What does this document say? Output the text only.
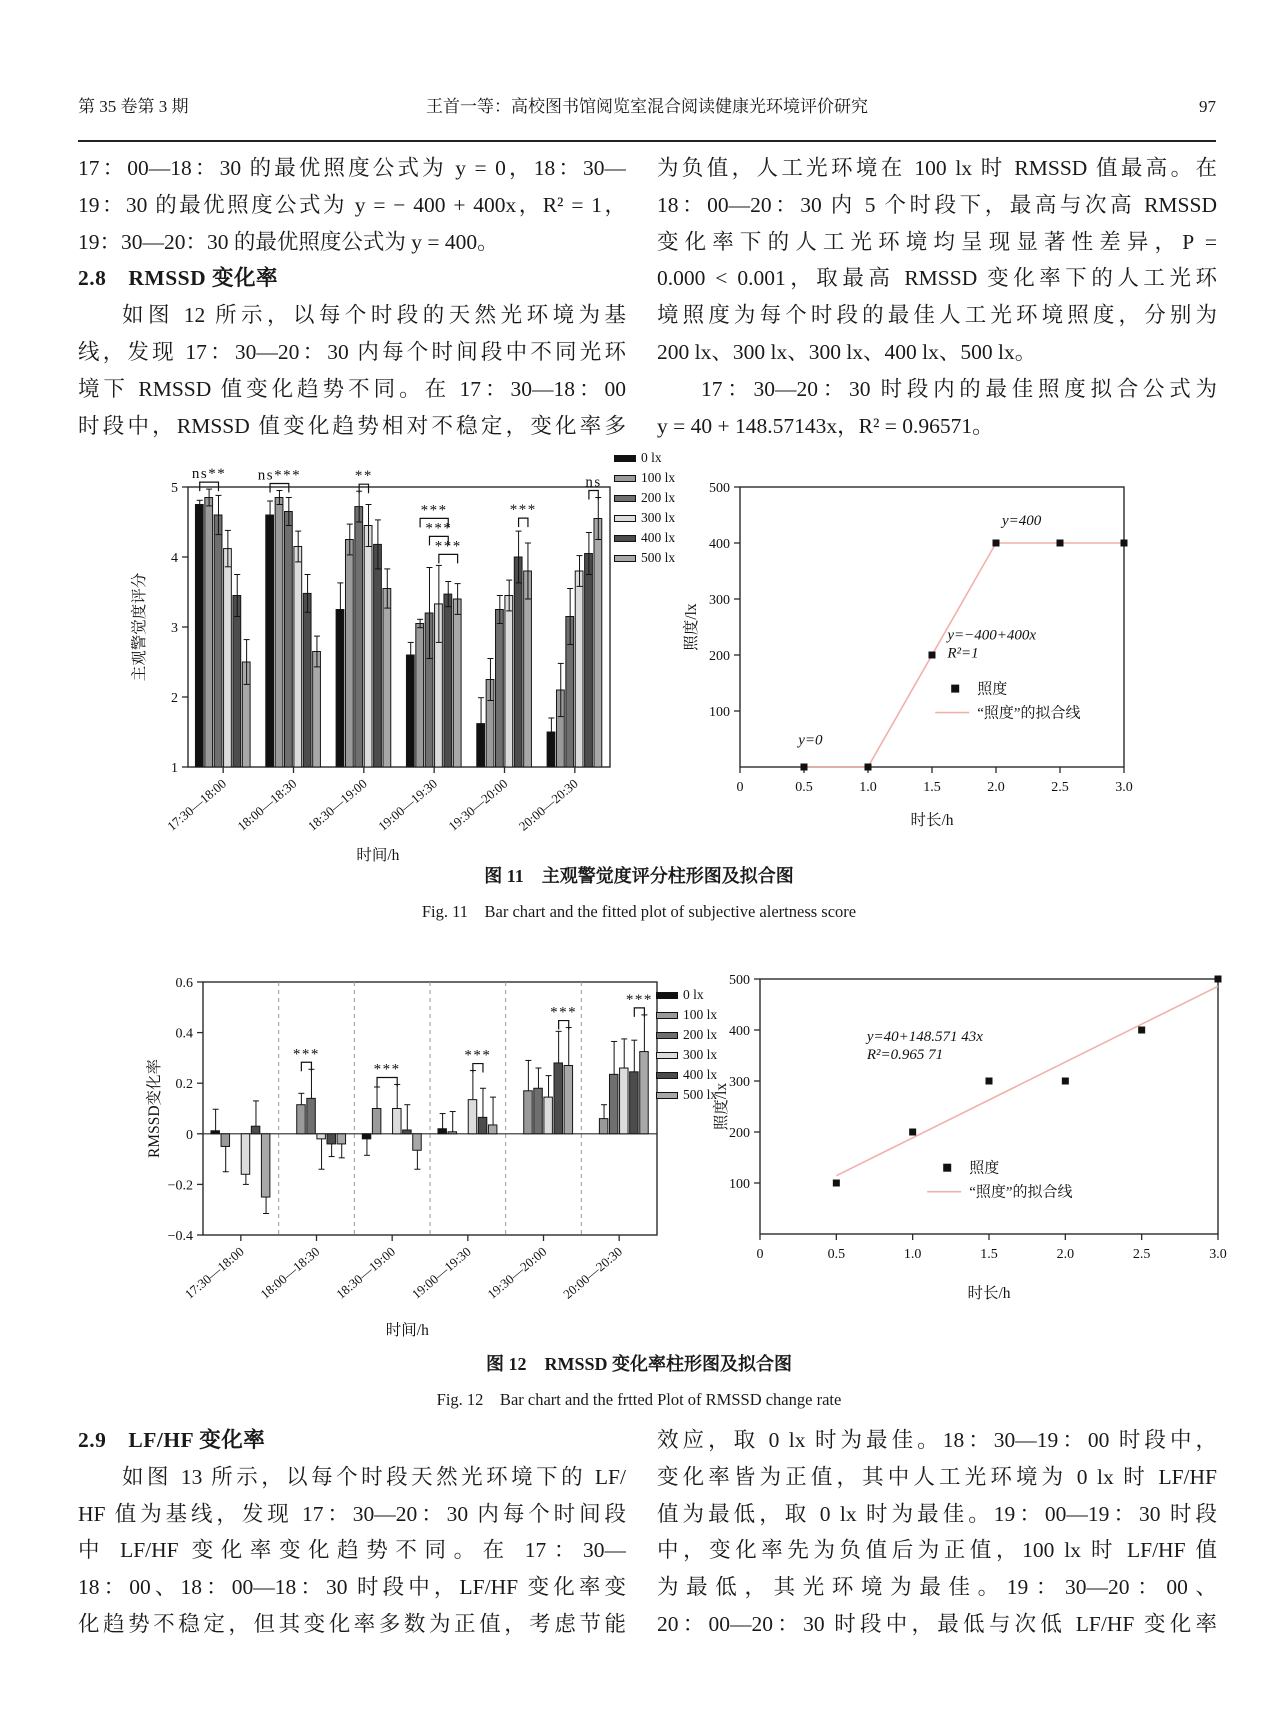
第 35 卷第 3 期	王首一等：高校图书馆阅览室混合阅读健康光环境评价研究	97
17：00—18：30 的最优照度公式为 y = 0，18：30—
19：30 的最优照度公式为 y = − 400 + 400x，R² = 1，
19：30—20：30 的最优照度公式为 y = 400。
2.8　RMSSD 变化率
如图 12 所示，以每个时段的天然光环境为基
线，发现 17：30—20：30 内每个时间段中不同光环
境下 RMSSD 值变化趋势不同。在 17：30—18：00
时段中，RMSSD 值变化趋势相对不稳定，变化率多
为负值，人工光环境在 100 lx 时 RMSSD 值最高。在
18：00—20：30 内 5 个时段下，最高与次高 RMSSD
变化率下的人工光环境均呈现显著性差异，P =
0.000 < 0.001，取最高 RMSSD 变化率下的人工光环
境照度为每个时段的最佳人工光环境照度，分别为
200 lx、300 lx、300 lx、400 lx、500 lx。
17：30—20：30 时段内的最佳照度拟合公式为
y = 40 + 148.57143x，R² = 0.96571。
1
2
3
4
5
主观警觉度评分
17:30—18:00 18:00—18:30 18:30—19:00 19:00—19:30 19:30—20:00 20:00—20:30
时间/h
ns** ns***	**
***
***
***
***
ns
0 lx
100 lx
200 lx
300 lx
400 lx
500 lx
100
200
300
400
500
0	0.5	1.0	1.5	2.0	2.5	3.0
照度/lx
时长/h
y=0
y=−400+400x
R²=1
y=400
照度
“照度”的拟合线
图 11　主观警觉度评分柱形图及拟合图
Fig. 11　Bar chart and the fitted plot of subjective alertness score
−0.4
−0.2
0
0.2
0.4
0.6
RMSSD变化率
17:30—18:00 18:00—18:30 18:30—19:00 19:00—19:30 19:30—20:00 20:00—20:30
时间/h
***
***
***
***
*** 0 lx
100 lx
200 lx
300 lx
400 lx
500 lx
100
200
300
400
500
0	0.5	1.0	1.5	2.0	2.5	3.0
照度/lx
时长/h
y=40+148.571 43x
R²=0.965 71
照度
“照度”的拟合线
图 12　RMSSD 变化率柱形图及拟合图
Fig. 12　Bar chart and the frtted Plot of RMSSD change rate
2.9　LF/HF 变化率
如图 13 所示，以每个时段天然光环境下的 LF/
HF 值为基线，发现 17：30—20：30 内每个时间段
中 LF/HF 变化率变化趋势不同。在 17：30—
18：00、18：00—18：30 时段中，LF/HF 变化率变
化趋势不稳定，但其变化率多数为正值，考虑节能
效应，取 0 lx 时为最佳。18：30—19：00 时段中，
变化率皆为正值，其中人工光环境为 0 lx 时 LF/HF
值为最低，取 0 lx 时为最佳。19：00—19：30 时段
中，变化率先为负值后为正值，100 lx 时 LF/HF 值
为最低，其光环境为最佳。19：30—20：00、
20：00—20：30 时段中，最低与次低 LF/HF 变化率
